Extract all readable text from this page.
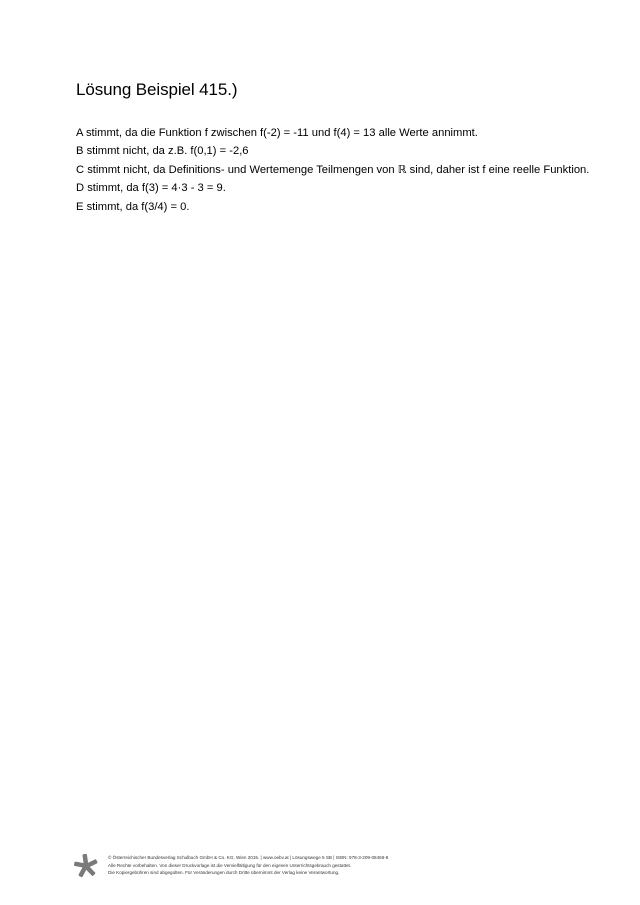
Lösung Beispiel 415.)
A stimmt, da die Funktion f zwischen f(-2) = -11 und f(4) = 13 alle Werte annimmt.
B stimmt nicht, da z.B. f(0,1) = -2,6
C stimmt nicht, da Definitions- und Wertemenge Teilmengen von ℝ sind, daher ist f eine reelle Funktion.
D stimmt, da f(3) = 4·3 - 3 = 9.
E stimmt, da f(3/4) = 0.
© Österreichischer Bundesverlag Schulbuch GmbH & Co. KG, Wien 2015. | www.oebv.at | Lösungswege 5 SB | ISBN: 978-3-209-08466-8
Alle Rechte vorbehalten. Von dieser Druckvorlage ist die Vervielfältigung für den eigenen Unterrichtsgebrauch gestattet.
Die Kopiergebühren sind abgegolten. Für Veränderungen durch Dritte übernimmt der Verlag keine Verantwortung.
